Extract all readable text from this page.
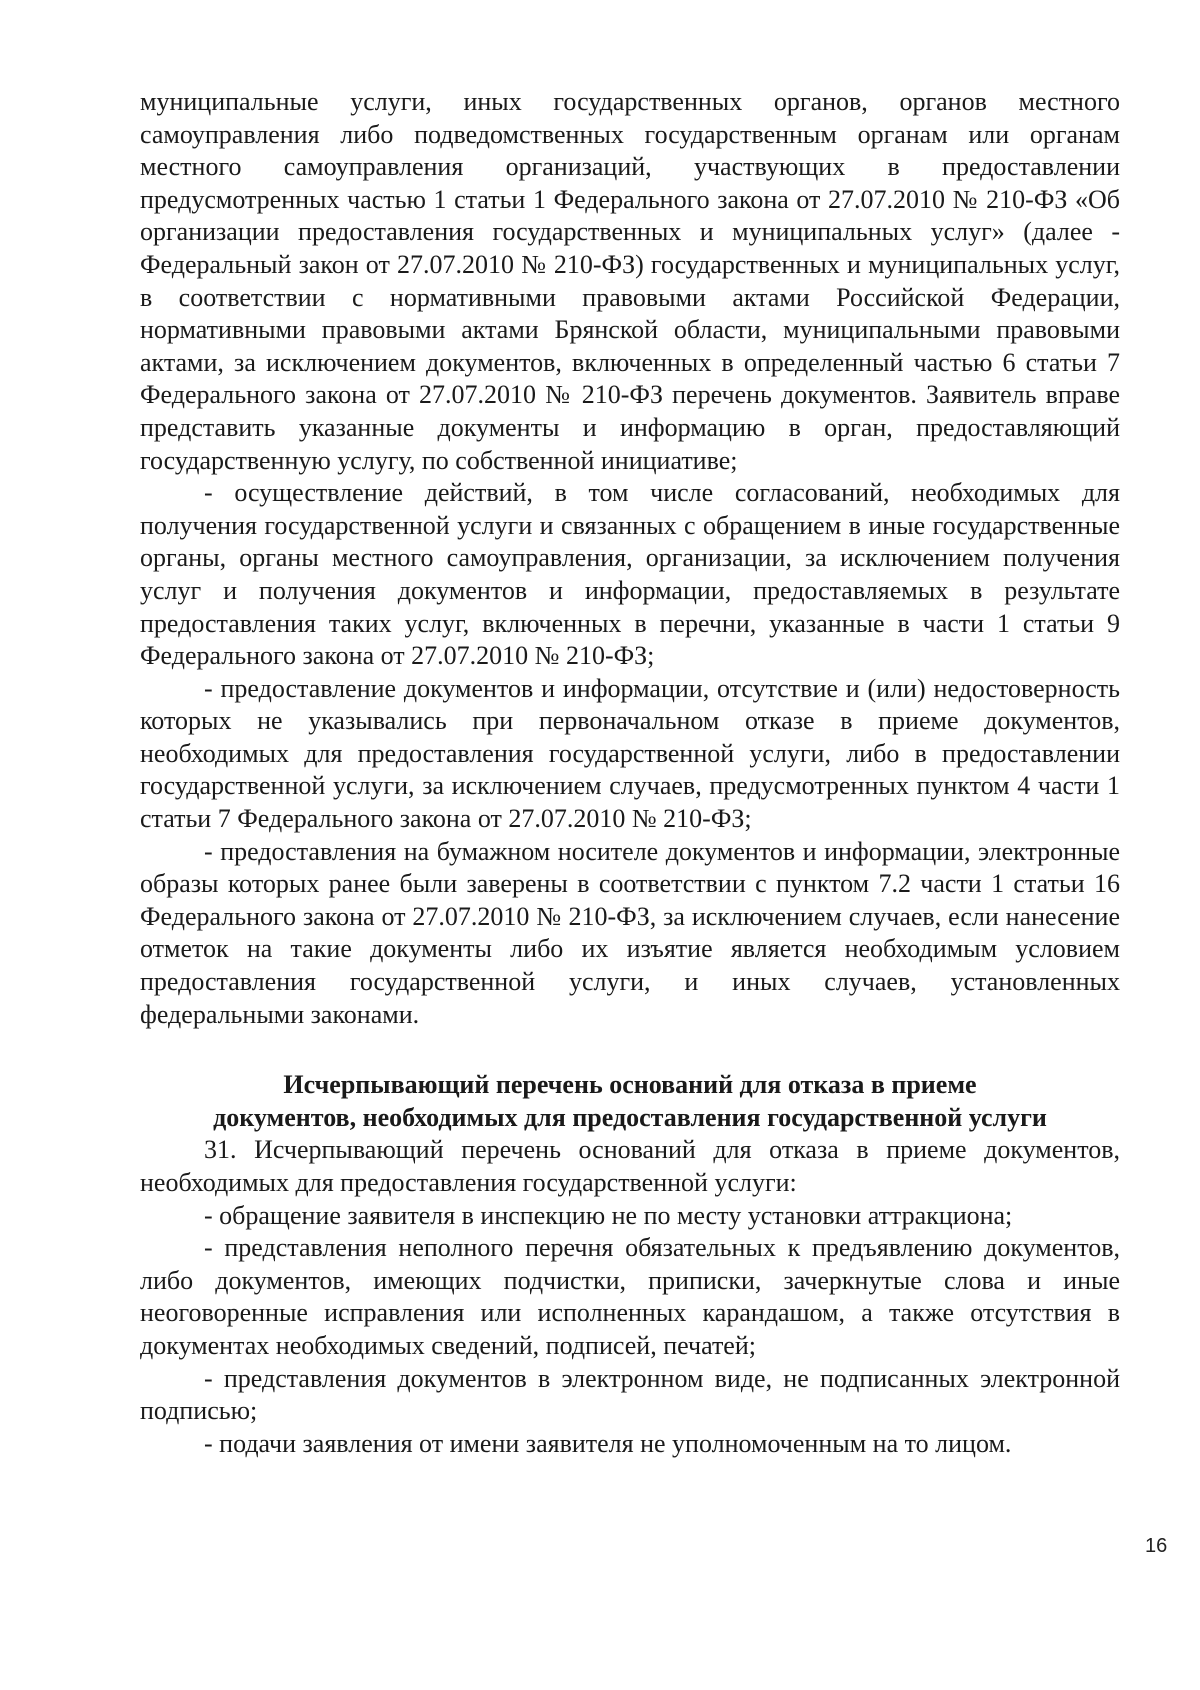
муниципальные услуги, иных государственных органов, органов местного самоуправления либо подведомственных государственным органам или органам местного самоуправления организаций, участвующих в предоставлении предусмотренных частью 1 статьи 1 Федерального закона от 27.07.2010 № 210-ФЗ «Об организации предоставления государственных и муниципальных услуг» (далее - Федеральный закон от 27.07.2010 № 210-ФЗ) государственных и муниципальных услуг, в соответствии с нормативными правовыми актами Российской Федерации, нормативными правовыми актами Брянской области, муниципальными правовыми актами, за исключением документов, включенных в определенный частью 6 статьи 7 Федерального закона от 27.07.2010 № 210-ФЗ перечень документов. Заявитель вправе представить указанные документы и информацию в орган, предоставляющий государственную услугу, по собственной инициативе;

- осуществление действий, в том числе согласований, необходимых для получения государственной услуги и связанных с обращением в иные государственные органы, органы местного самоуправления, организации, за исключением получения услуг и получения документов и информации, предоставляемых в результате предоставления таких услуг, включенных в перечни, указанные в части 1 статьи 9 Федерального закона от 27.07.2010 № 210-ФЗ;

- предоставление документов и информации, отсутствие и (или) недостоверность которых не указывались при первоначальном отказе в приеме документов, необходимых для предоставления государственной услуги, либо в предоставлении государственной услуги, за исключением случаев, предусмотренных пунктом 4 части 1 статьи 7 Федерального закона от 27.07.2010 № 210-ФЗ;

- предоставления на бумажном носителе документов и информации, электронные образы которых ранее были заверены в соответствии с пунктом 7.2 части 1 статьи 16 Федерального закона от 27.07.2010 № 210-ФЗ, за исключением случаев, если нанесение отметок на такие документы либо их изъятие является необходимым условием предоставления государственной услуги, и иных случаев, установленных федеральными законами.

Исчерпывающий перечень оснований для отказа в приеме
документов, необходимых для предоставления государственной услуги

31. Исчерпывающий перечень оснований для отказа в приеме документов, необходимых для предоставления государственной услуги:

- обращение заявителя в инспекцию не по месту установки аттракциона;

- представления неполного перечня обязательных к предъявлению документов, либо документов, имеющих подчистки, приписки, зачеркнутые слова и иные неоговоренные исправления или исполненных карандашом, а также отсутствия в документах необходимых сведений, подписей, печатей;

- представления документов в электронном виде, не подписанных электронной подписью;

- подачи заявления от имени заявителя не уполномоченным на то лицом.

16
